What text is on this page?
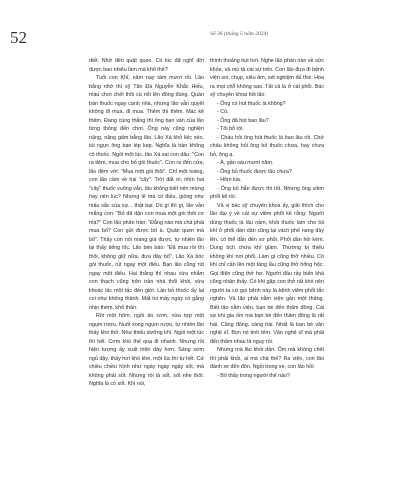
52	Số 36 (tháng 5 năm 2024)

diết. Nhớ đến quặt quẹo. Có lúc đã nghĩ đời được bao nhiêu lầm mà khổ thế?

Tuổi con Khỉ, năm nay tám mươi rồi. Lão bằng nhớ thì sỹ Tân Đà Nguyễn Khắc Hiếu, màu chơi chết thôi cù nổi lên đồng đúng. Quán bán thuốc ngay cạnh nhà, nhưng lão vẫn quyết không đi mua, đi mua. Thêm thì thêm. Mác kệ thêm. Đang cùng thắng thì ông bạn vàn của lão từng thông đến chơi. Ông này cũng nghiện nặng, nặng gấm bằng lão. Lão Xá khỏ liếc xéo, túi ngực ông bạn lép kẹp. Nghĩa là hàn không có thuốc. Ngồi một lúc, lão Xá sai con dâu: "Con ra tiệm, mua cho bố gói thuốc". Con ra đến cửa, lão đệm với: "Mua một gói thôi". Chỉ một loáng, con lão cầm về hai "cây". Trời đất ơi, nhìn hai "cây" thuốc vuông vắn, lão không biết nên mừng hay nên lúc? Nhưng lê mà có điều, giống như màu sắc của sự... thật bại. Dù gì thì gì, lão vẫn mắng con: "Bố đã dặn con mua một gói thôi cơ mà?" Con lão phân trần: "Đằng nào mà chả phải mua bố? Con gửi được bố à. Quán quen mà bố". Thấy con nói mang giá được, tự nhiên lão lại thấy tiếng lốc. Lão bèn bảo: "Đã mua rồi thì thôi, không giữ nữa, đưa đây bố". Lão Xá bóc gói thuốc, rút ngay một điếu. Bạn lão cũng rút ngay một điếu. Hai thằng thì nhau vừa nhắm con thạch cũng trên trần nhà thổi khói, vừa khoác lác một tấc đến giời. Lần bỏ thuốc ấy lại coi như không thành. Mất toi mấy ngày có gắng nhịn thèm, khổ thân.

Rồi một hôm, ngồi ăn cơm, vừa tợp một ngụm rượu. Nuốt xong ngụm rượu, tự nhiên lão thấy khó thở. Như thiếu dưỡng khí. Ngồi một lúc thì hết. Cơm khó thế qua đi nhanh. Nhưng rồi hiện tượng ấy xuất hiện dày hơn. Sáng sớm ngủ dậy, thấy hơi khó khè, một lúc thì tự hết. Cứ chiều chiều hình như ngày ngày ngấy sốt, mà không phải sốt. Nhưng rồi là sốt, sốt nhẹ thôi. Nghĩa là có sốt. Khi nói,

thình thoảng hụt hơi. Nghe lão phàn nàn về sức khỏe, vả mù tả cái sự trên. Con lão đưa đi bệnh viện soi, chụp, siêu âm, xét nghiệm đủ thứ. Hóa ra mọi chỗ không sao. Tất cả là ở cái phổi. Bác sỹ chuyên khoa hỏi lão:

- Ông có hút thuốc lá không?

- Có.

- Ông đã hút bao lâu?

- Tôi bỏ rồi.

- Cháu hỏi ông hút thuốc lá bao lâu rồi. Chứ cháu không hỏi ông bỏ thuốc chưa, hay chưa bỏ, ông ạ.

- À, gần sáu mươi năm.

- Ông bỏ thuốc được lâu chưa?

- Hôm kia.

- Ông bỏ hẳn được thì tốt. Nhưng ông viêm phổi kẽ rồi.

Và vị bác sỹ chuyên khoa ấy, giải thích cho lão đại ý về cái sự viêm phổi kẽ rằng: Người dùng thuốc lá lâu năm, khói thuốc làm cho túi khí ở phổi dần dần cũng lại vách phế nang dày lên, có thể dẫn đến xơ phổi. Phổi dần hồi kém. Dung tích chứa khí giảm. Thường bị thiếu không khí nơi phổi. Làm gì cũng thở nhiều. Có khi chỉ cần lên một tầng lầu cũng thở hổng hộc. Gọi điện cũng thở hơ. Người đầu rầy biến khá cũng nhận thấy. Có khi gặp con thở rất khó nên người ta cứ gọi bệnh này là bệnh viêm phổi tắc nghẽn. Và lão phải nằm viện gần một tháng. Biết lão nằm viện, bạn bè đến thăm đông. Cái sự khi gia ốm mà bạn bè đến thăm đông là rất hài. Căng đông, càng hài. Nhất là bạn bè văn nghệ sĩ. Bọn nó tinh tếm. Văn nghệ sĩ mà phải đến thăm nhau là nguy rồi.

Nhưng mà lão khỏi dần. Ốm mà không chết thì phải khỏi, ai mà chả thế? Ra viện, con lão đánh xe đến đón. Ngồi trong xe, con lão hỏi:

- Bố thấy trong người thế nào?
